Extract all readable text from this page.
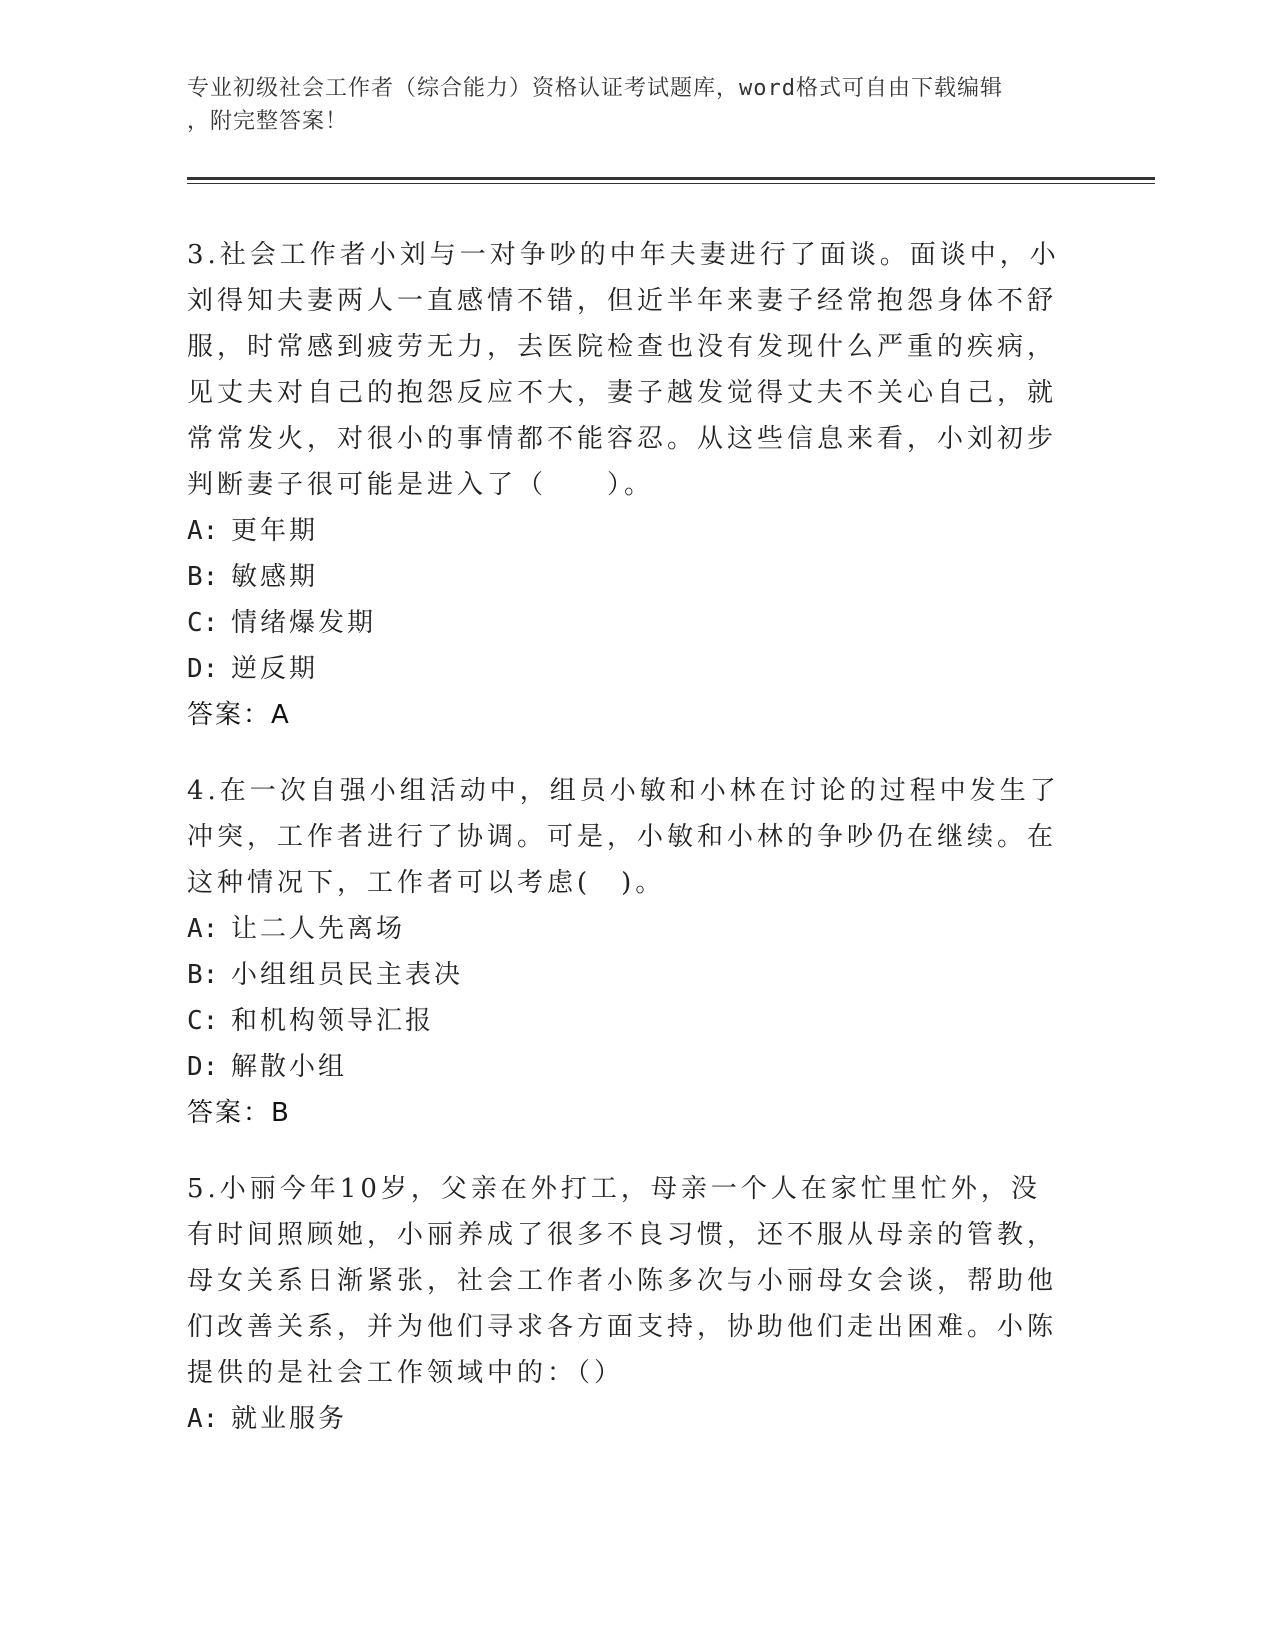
专业初级社会工作者（综合能力）资格认证考试题库，word格式可自由下载编辑
，附完整答案！

3.社会工作者小刘与一对争吵的中年夫妻进行了面谈。面谈中，小刘得知夫妻两人一直感情不错，但近半年来妻子经常抱怨身体不舒服，时常感到疲劳无力，去医院检查也没有发现什么严重的疾病，见丈夫对自己的抱怨反应不大，妻子越发觉得丈夫不关心自己，就常常发火，对很小的事情都不能容忍。从这些信息来看，小刘初步判断妻子很可能是进入了（　　）。

A: 更年期

B: 敏感期

C: 情绪爆发期

D: 逆反期

答案：A

4.在一次自强小组活动中，组员小敏和小林在讨论的过程中发生了冲突，工作者进行了协调。可是，小敏和小林的争吵仍在继续。在这种情况下，工作者可以考虑(　)。

A: 让二人先离场

B: 小组组员民主表决

C: 和机构领导汇报

D: 解散小组

答案：B

5.小丽今年10岁，父亲在外打工，母亲一个人在家忙里忙外，没有时间照顾她，小丽养成了很多不良习惯，还不服从母亲的管教，母女关系日渐紧张，社会工作者小陈多次与小丽母女会谈，帮助他们改善关系，并为他们寻求各方面支持，协助他们走出困难。小陈提供的是社会工作领域中的：（）

A: 就业服务
